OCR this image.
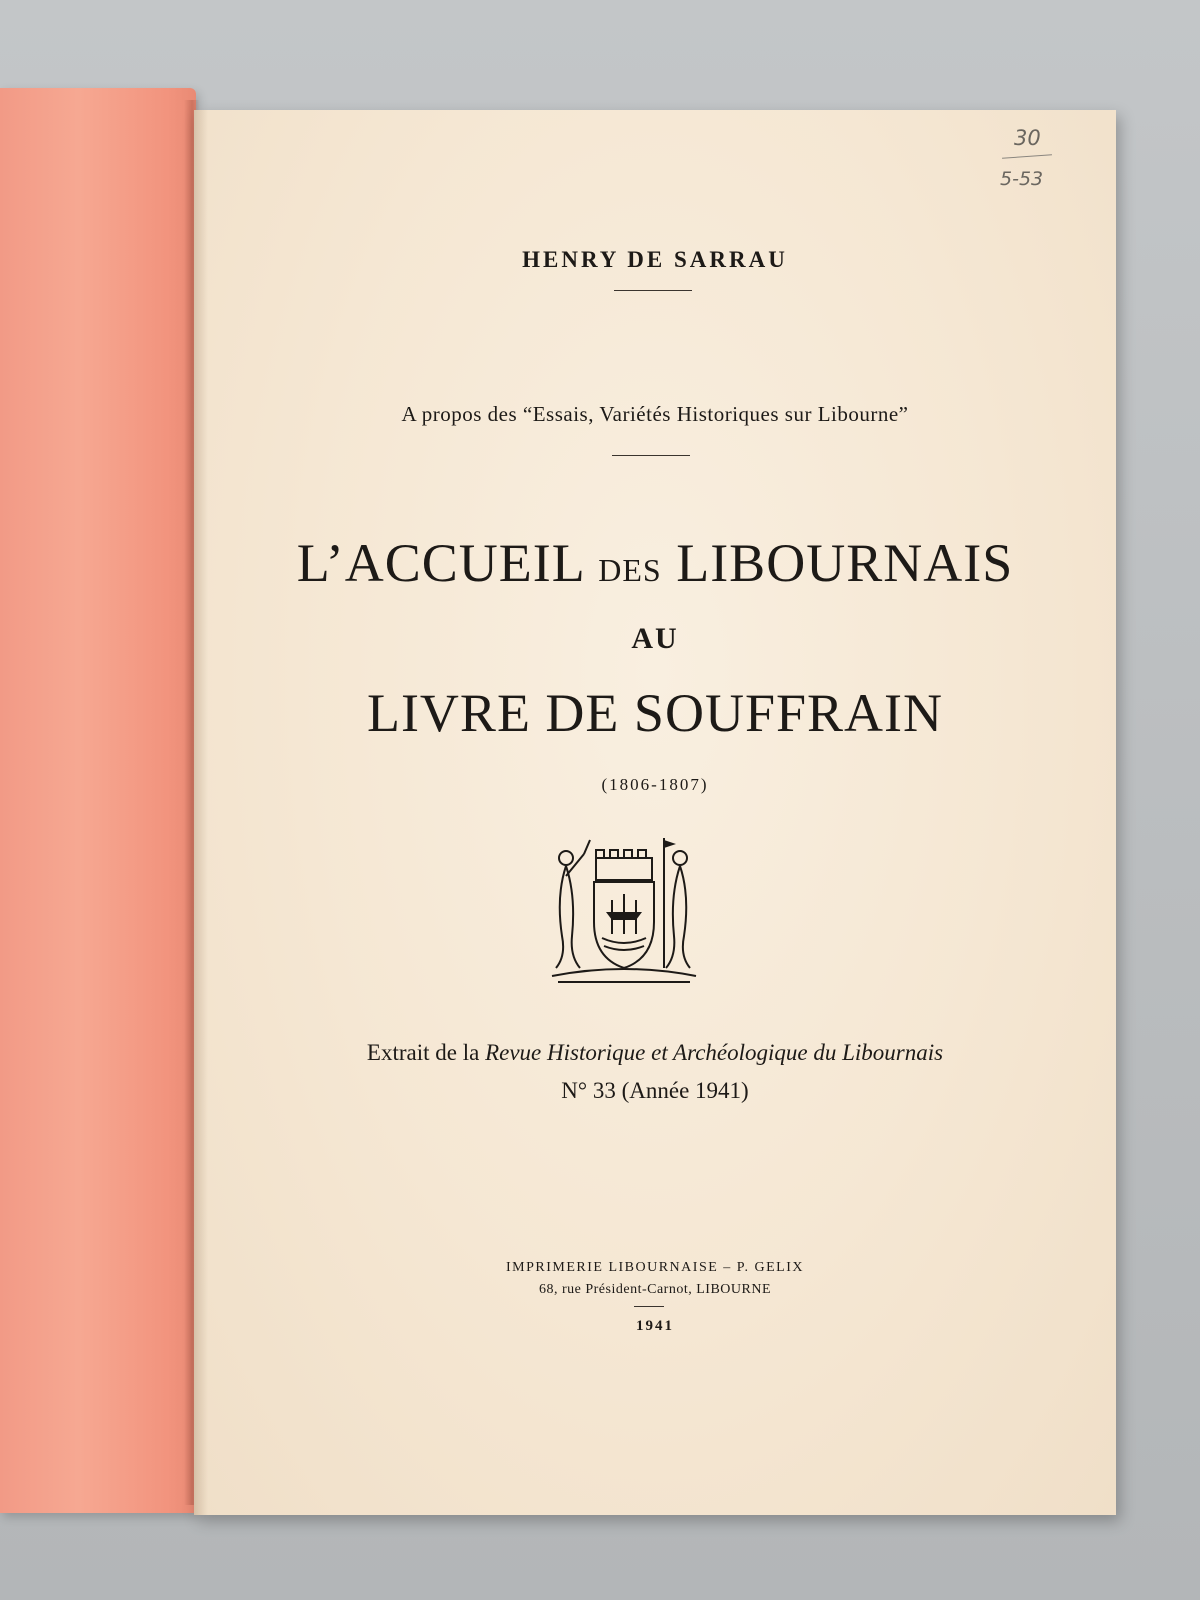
30
5-53

HENRY DE SARRAU

A propos des “Essais, Variétés Historiques sur Libourne”

L’ACCUEIL DES LIBOURNAIS

AU

LIVRE DE SOUFFRAIN

(1806-1807)

Extrait de la Revue Historique et Archéologique du Libournais

N° 33 (Année 1941)

IMPRIMERIE LIBOURNAISE – P. GELIX

68, rue Président-Carnot, LIBOURNE

1941
